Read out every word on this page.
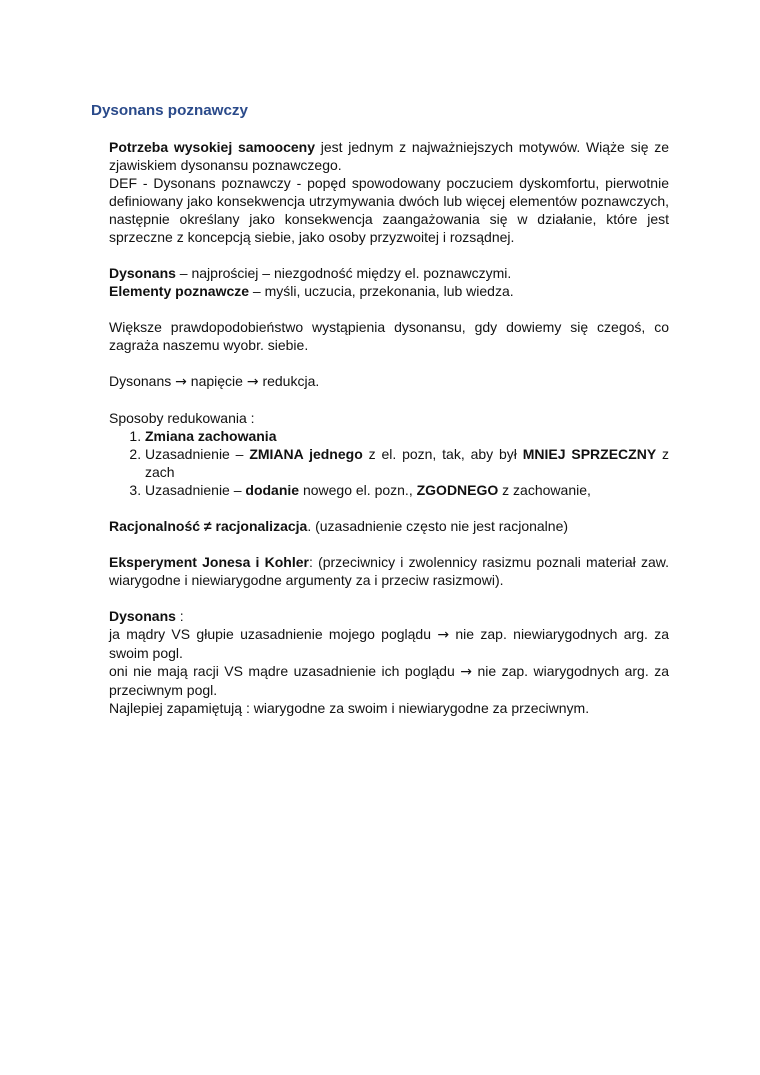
Dysonans poznawczy

Potrzeba wysokiej samooceny jest jednym z najważniejszych motywów. Wiąże się ze zjawiskiem dysonansu poznawczego.

DEF - Dysonans poznawczy - popęd spowodowany poczuciem dyskomfortu, pierwotnie definiowany jako konsekwencja utrzymywania dwóch lub więcej elementów poznawczych, następnie określany jako konsekwencja zaangażowania się w działanie, które jest sprzeczne z koncepcją siebie, jako osoby przyzwoitej i rozsądnej.

Dysonans – najprościej – niezgodność między el. poznawczymi.

Elementy poznawcze – myśli, uczucia, przekonania, lub wiedza.

Większe prawdopodobieństwo wystąpienia dysonansu, gdy dowiemy się czegoś, co zagraża naszemu wyobr. siebie.

Dysonans → napięcie → redukcja.

Sposoby redukowania :

1. Zmiana zachowania
2. Uzasadnienie – ZMIANA jednego z el. pozn, tak, aby był MNIEJ SPRZECZNY z zach
3. Uzasadnienie – dodanie nowego el. pozn., ZGODNEGO z zachowanie,

Racjonalność ≠ racjonalizacja. (uzasadnienie często nie jest racjonalne)

Eksperyment Jonesa i Kohler: (przeciwnicy i zwolennicy rasizmu poznali materiał zaw. wiarygodne i niewiarygodne argumenty za i przeciw rasizmowi).

Dysonans :

ja mądry VS głupie uzasadnienie mojego poglądu → nie zap. niewiarygodnych arg. za swoim pogl.

oni nie mają racji VS mądre uzasadnienie ich poglądu → nie zap. wiarygodnych arg. za przeciwnym pogl.

Najlepiej zapamiętują : wiarygodne za swoim i niewiarygodne za przeciwnym.
